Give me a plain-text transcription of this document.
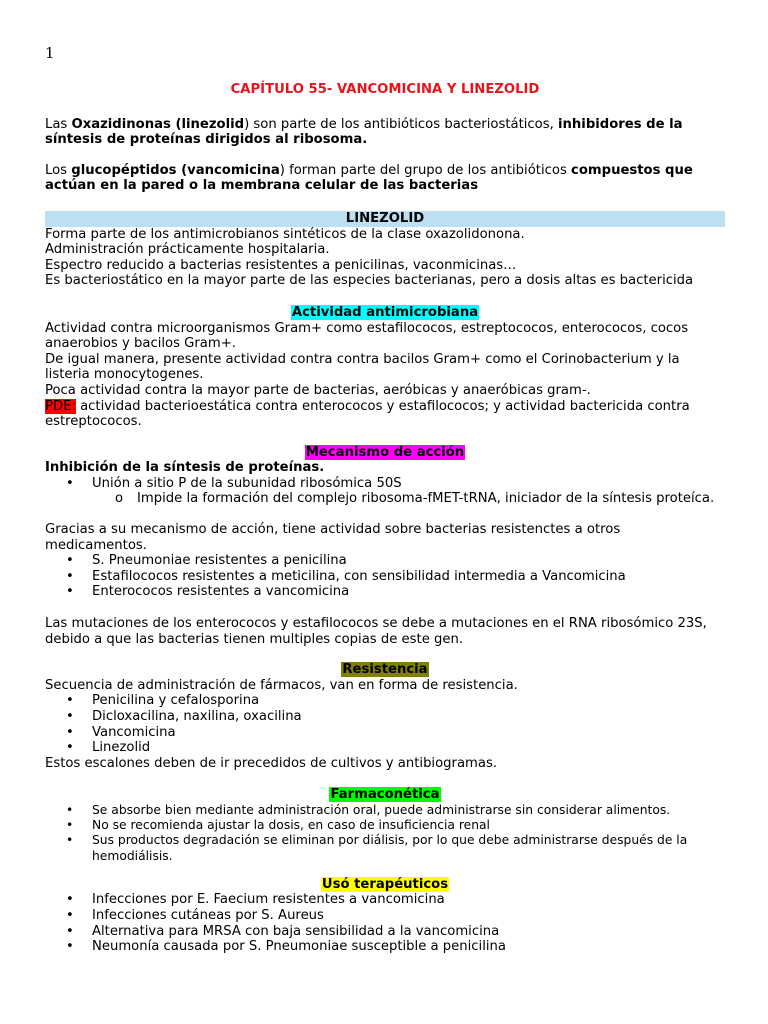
1

CAPÍTULO 55- VANCOMICINA Y LINEZOLID

Las Oxazidinonas (linezolid) son parte de los antibióticos bacteriostáticos, inhibidores de la síntesis de proteínas dirigidos al ribosoma.

Los glucopéptidos (vancomicina) forman parte del grupo de los antibióticos compuestos que actúan en la pared o la membrana celular de las bacterias

LINEZOLID

Forma parte de los antimicrobianos sintéticos de la clase oxazolidonona.

Administración prácticamente hospitalaria.

Espectro reducido a bacterias resistentes a penicilinas, vaconmicinas…

Es bacteriostático en la mayor parte de las especies bacterianas, pero a dosis altas es bactericida

Actividad antimicrobiana

Actividad contra microorganismos Gram+ como estafilococos, estreptococos, enterococos, cocos anaerobios y bacilos Gram+.

De igual manera, presente actividad contra contra bacilos Gram+ como el Corinobacterium y la listeria monocytogenes.

Poca actividad contra la mayor parte de bacterias, aeróbicas y anaeróbicas gram-.

PDE: actividad bacterioestática contra enterococos y estafilococos; y actividad bactericida contra estreptococos.

Mecanismo de acción

Inhibición de la síntesis de proteínas.

• Unión a sitio P de la subunidad ribosómica 50S
o Impide la formación del complejo ribosoma-fMET-tRNA, iniciador de la síntesis proteíca.

Gracias a su mecanismo de acción, tiene actividad sobre bacterias resistenctes a otros medicamentos.

• S. Pneumoniae resistentes a penicilina
• Estafilococos resistentes a meticilina, con sensibilidad intermedia a Vancomicina
• Enterococos resistentes a vancomicina

Las mutaciones de los enterococos y estafilococos se debe a mutaciones en el RNA ribosómico 23S, debido a que las bacterias tienen multiples copias de este gen.

Resistencia

Secuencia de administración de fármacos, van en forma de resistencia.

• Penicilina y cefalosporina
• Dicloxacilina, naxilina, oxacilina
• Vancomicina
• Linezolid

Estos escalones deben de ir precedidos de cultivos y antibiogramas.

Farmaconética

• Se absorbe bien mediante administración oral, puede administrarse sin considerar alimentos.
• No se recomienda ajustar la dosis, en caso de insuficiencia renal
• Sus productos degradación se eliminan por diálisis, por lo que debe administrarse después de la hemodiálisis.

Usó terapéuticos

• Infecciones por E. Faecium resistentes a vancomicina
• Infecciones cutáneas por S. Aureus
• Alternativa para MRSA con baja sensibilidad a la vancomicina
• Neumonía causada por S. Pneumoniae susceptible a penicilina
